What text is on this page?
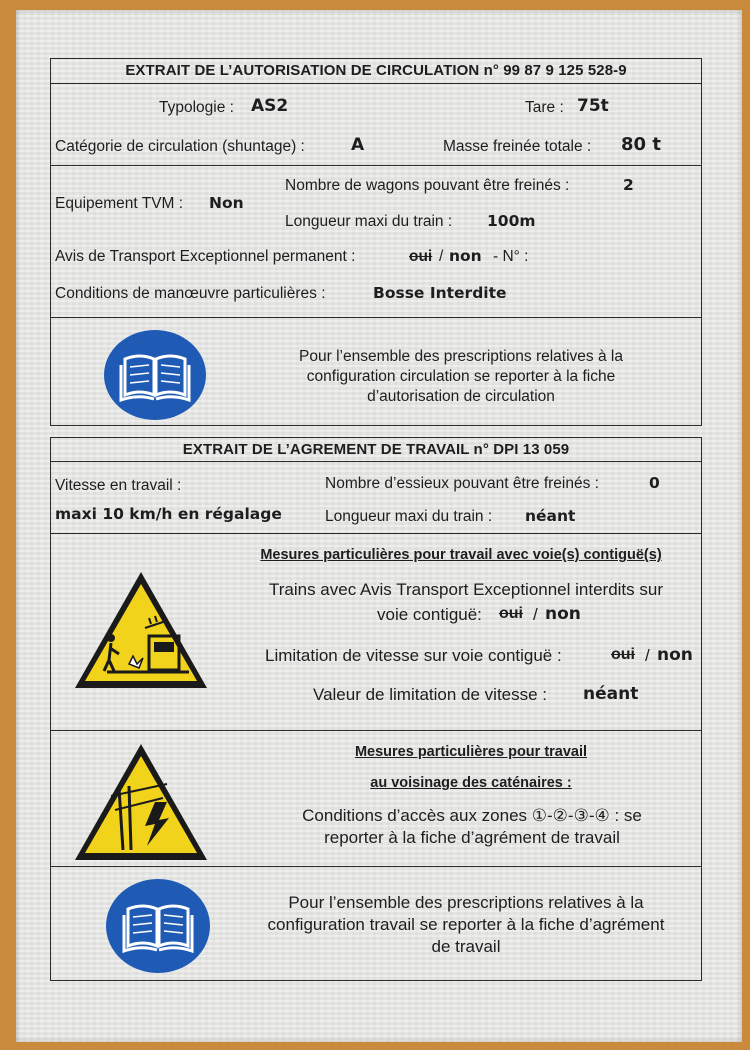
EXTRAIT DE L’AUTORISATION DE CIRCULATION n° 99 87 9 125 528-9
Typologie : AS2	Tare : 75t
Catégorie de circulation (shuntage) :	A	Masse freinée totale : 80 t
Equipement TVM : Non
Nombre de wagons pouvant être freinés :	2
Longueur maxi du train : 100m
Avis de Transport Exceptionnel permanent :	oui / non - N° :
Conditions de manœuvre particulières :	Bosse Interdite
Pour l’ensemble des prescriptions relatives à la
configuration circulation se reporter à la fiche
d’autorisation de circulation
EXTRAIT DE L’AGREMENT DE TRAVAIL n° DPI 13 059
Vitesse en travail :
maxi 10 km/h en régalage
Nombre d’essieux pouvant être freinés :	0
Longueur maxi du train : néant
Mesures particulières pour travail avec voie(s) contiguë(s)
Trains avec Avis Transport Exceptionnel interdits sur
voie contiguë: oui / non
Limitation de vitesse sur voie contiguë :	oui / non
Valeur de limitation de vitesse : néant
Mesures particulières pour travail
au voisinage des caténaires :
Conditions d’accès aux zones ①-②-③-④ : se
reporter à la fiche d’agrément de travail
Pour l’ensemble des prescriptions relatives à la
configuration travail se reporter à la fiche d’agrément
de travail
